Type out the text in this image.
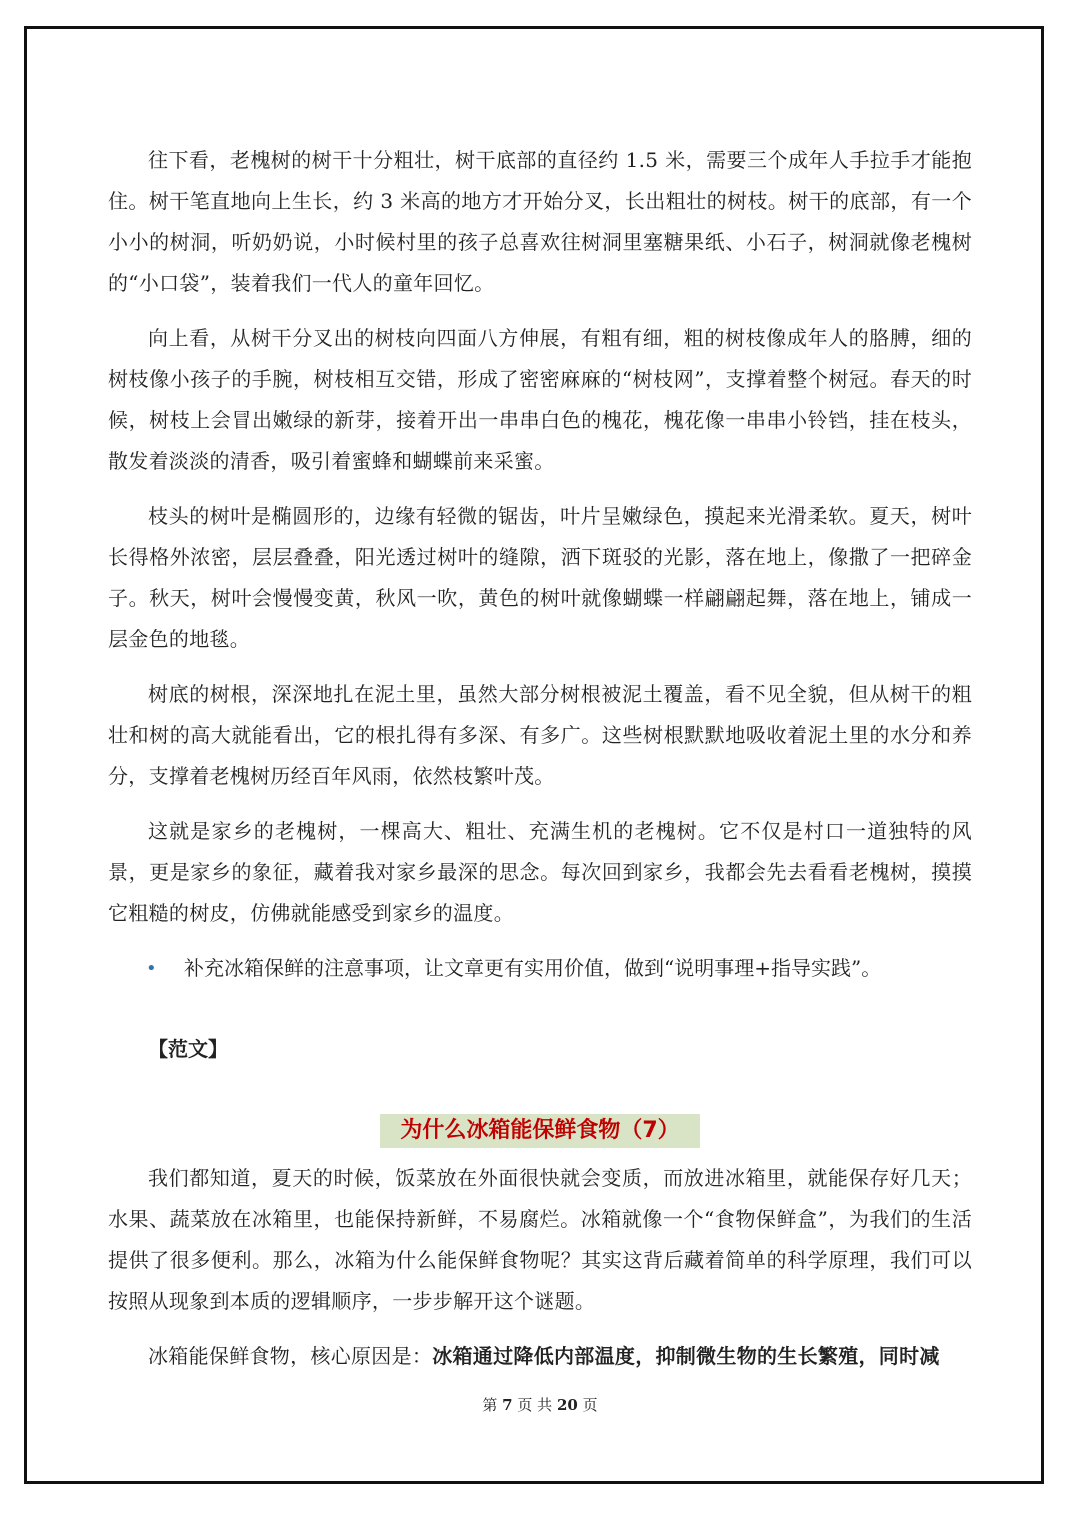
往下看，老槐树的树干十分粗壮，树干底部的直径约 1.5 米，需要三个成年人手拉手才能抱住。树干笔直地向上生长，约 3 米高的地方才开始分叉，长出粗壮的树枝。树干的底部，有一个小小的树洞，听奶奶说，小时候村里的孩子总喜欢往树洞里塞糖果纸、小石子，树洞就像老槐树的“小口袋”，装着我们一代人的童年回忆。

向上看，从树干分叉出的树枝向四面八方伸展，有粗有细，粗的树枝像成年人的胳膊，细的树枝像小孩子的手腕，树枝相互交错，形成了密密麻麻的“树枝网”，支撑着整个树冠。春天的时候，树枝上会冒出嫩绿的新芽，接着开出一串串白色的槐花，槐花像一串串小铃铛，挂在枝头，散发着淡淡的清香，吸引着蜜蜂和蝴蝶前来采蜜。

枝头的树叶是椭圆形的，边缘有轻微的锯齿，叶片呈嫩绿色，摸起来光滑柔软。夏天，树叶长得格外浓密，层层叠叠，阳光透过树叶的缝隙，洒下斑驳的光影，落在地上，像撒了一把碎金子。秋天，树叶会慢慢变黄，秋风一吹，黄色的树叶就像蝴蝶一样翩翩起舞，落在地上，铺成一层金色的地毯。

树底的树根，深深地扎在泥土里，虽然大部分树根被泥土覆盖，看不见全貌，但从树干的粗壮和树的高大就能看出，它的根扎得有多深、有多广。这些树根默默地吸收着泥土里的水分和养分，支撑着老槐树历经百年风雨，依然枝繁叶茂。

这就是家乡的老槐树，一棵高大、粗壮、充满生机的老槐树。它不仅是村口一道独特的风景，更是家乡的象征，藏着我对家乡最深的思念。每次回到家乡，我都会先去看看老槐树，摸摸它粗糙的树皮，仿佛就能感受到家乡的温度。

•	补充冰箱保鲜的注意事项，让文章更有实用价值，做到“说明事理+指导实践”。
【范文】
为什么冰箱能保鲜食物（7）

我们都知道，夏天的时候，饭菜放在外面很快就会变质，而放进冰箱里，就能保存好几天；水果、蔬菜放在冰箱里，也能保持新鲜，不易腐烂。冰箱就像一个“食物保鲜盒”，为我们的生活提供了很多便利。那么，冰箱为什么能保鲜食物呢？其实这背后藏着简单的科学原理，我们可以按照从现象到本质的逻辑顺序，一步步解开这个谜题。

冰箱能保鲜食物，核心原因是：冰箱通过降低内部温度，抑制微生物的生长繁殖，同时减

第 7 页 共 20 页
